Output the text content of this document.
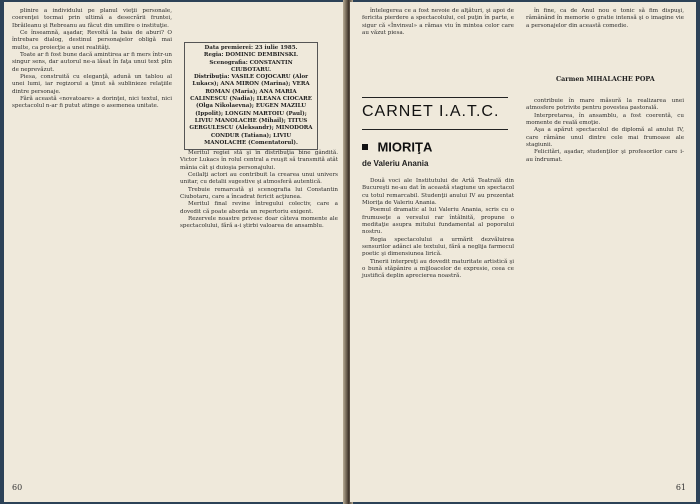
plinire a individului pe planul vieţii personale, coerenţei tocmai prin ultimă a desecrării fruntei, Ibrăileanu şi Rebreanu au făcut din umilire o instituţie.

Ce înseamnă, aşadar, Revoltă la baia de aburi? O întrebare dialog, destinul personajelor obligă mai multe, ca proiecţie a unei realităţi.

Toate ar fi fost bune dacă amintirea ar fi mers într-un singur sens, dar autorul ne-a lăsat în faţa unui text plin de neprevăzut.

Piesa, construită cu eleganţă, adună un tablou al unei lumi, iar regizorul a ţinut să sublinieze relaţiile dintre personaje.

Fără această «novatoare» a dorinţei, nici textul, nici spectacolul n-ar fi putut atinge o asemenea unitate.

Data premierei: 23 iulie 1985.
Regia: DOMINIC DEMBINSKI.
Scenografia: CONSTANTIN CIUBOTARU.
Distribuţia: VASILE COJOCARU (Alor Lukacs); ANA MIRON (Marina); VERA ROMAN (Maria); ANA MARIA CALINESCU (Nadia); ILEANA CIOCARE (Olga Nikolaevna); EUGEN MAZILU (Ippolit); LONGIN MARTOIU (Paul); LIVIU MANOLACHE (Mihail); TITUS GERGULESCU (Aleksandr); MINODORA CONDUR (Tatiana); LIVIU MANOLACHE (Comentatorul).

Meritul regiei stă şi în distribuţia bine gândită. Victor Lukacs în rolul central a reuşit să transmită atât mânia cât şi duioşia personajului.

Ceilalţi actori au contribuit la crearea unui univers unitar, cu detalii sugestive şi atmosferă autentică.

Trebuie remarcată şi scenografia lui Constantin Ciubotaru, care a încadrat fericit acţiunea.

Meritul final revine întregului colectiv, care a dovedit că poate aborda un repertoriu exigent.

Rezervele noastre privesc doar câteva momente ale spectacolului, fără a-i ştirbi valoarea de ansamblu.

60

întelegerea ce a fost nevoie de alţături, şi apoi de fericita pierdere a spectacolului, cel puţin în parte, e sigur că «Învinsul» a rămas viu în mintea celor care au văzut piesa.

în fine, ca de Anul nou e tonic să fim dispuşi, râmânând în memorie o gratie intensă şi o imagine vie a personajelor din această comedie.

Carmen MIHALACHE POPA
CARNET I.A.T.C.
MIORIŢA
de Valeriu Anania

Două voci ale Institutului de Artă Teatrală din Bucureşti ne-au dat în această stagiune un spectacol cu totul remarcabil. Studenţii anului IV au prezentat Mioriţa de Valeriu Anania.

Poemul dramatic al lui Valeriu Anania, scris cu o frumuseţe a versului rar întâlnită, propune o meditaţie asupra mitului fundamental al poporului nostru.

Regia spectacolului a urmărit dezvăluirea sensurilor adânci ale textului, fără a neglija farmecul poetic şi dimensiunea lirică.

Tinerii interpreţi au dovedit maturitate artistică şi o bună stăpânire a mijloacelor de expresie, ceea ce justifică deplin aprecierea noastră.

contribuie în mare măsură la realizarea unei atmosfere potrivite pentru povestea pastorală.

Interpretarea, în ansamblu, a fost coerentă, cu momente de reală emoţie.

Aşa a apărut spectacolul de diplomă al anului IV, care rămâne unul dintre cele mai frumoase ale stagiunii.

Felicitări, aşadar, studenţilor şi profesorilor care i-au îndrumat.

61
